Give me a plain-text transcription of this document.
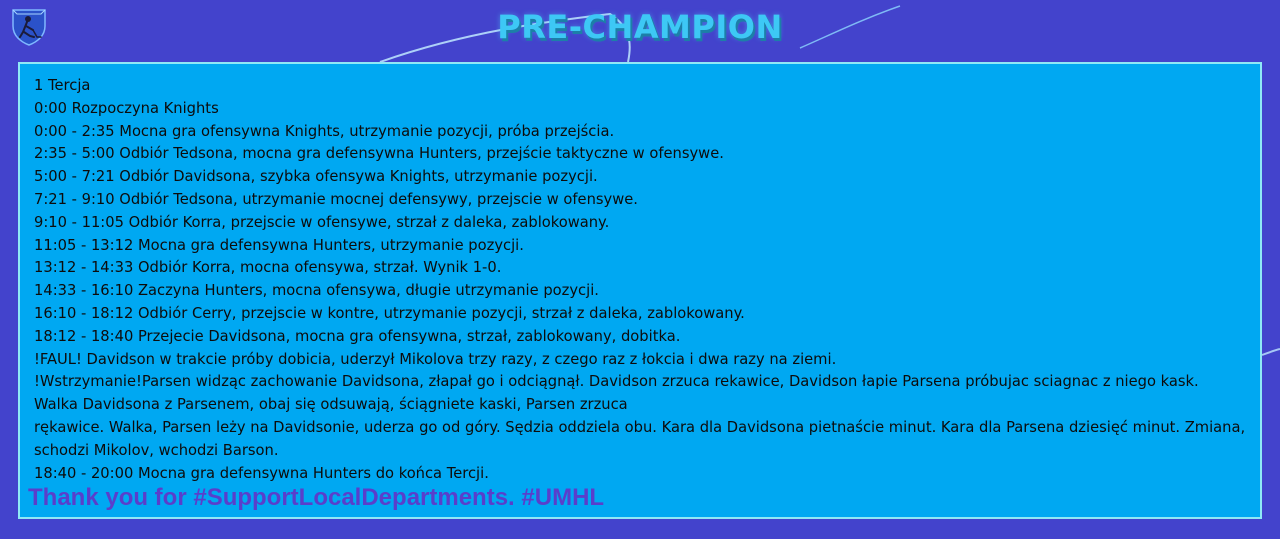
PRE-CHAMPION
1 Tercja
0:00 Rozpoczyna Knights
0:00 - 2:35 Mocna gra ofensywna Knights, utrzymanie pozycji, próba przejścia.
2:35 - 5:00 Odbiór Tedsona, mocna gra defensywna Hunters, przejście taktyczne w ofensywe.
5:00 - 7:21 Odbiór Davidsona, szybka ofensywa Knights, utrzymanie pozycji.
7:21 - 9:10 Odbiór Tedsona, utrzymanie mocnej defensywy, przejscie w ofensywe.
9:10 - 11:05 Odbiór Korra, przejscie w ofensywe, strzał z daleka, zablokowany.
11:05 - 13:12 Mocna gra defensywna Hunters, utrzymanie pozycji.
13:12 - 14:33 Odbiór Korra, mocna ofensywa, strzał. Wynik 1-0.
14:33 - 16:10 Zaczyna Hunters, mocna ofensywa, długie utrzymanie pozycji.
16:10 - 18:12 Odbiór Cerry, przejscie w kontre, utrzymanie pozycji, strzał z daleka, zablokowany.
18:12 - 18:40 Przejecie Davidsona, mocna gra ofensywna, strzał, zablokowany, dobitka.
!FAUL! Davidson w trakcie próby dobicia, uderzył Mikolova trzy razy, z czego raz z łokcia i dwa razy na ziemi.
!Wstrzymanie!Parsen widząc zachowanie Davidsona, złapał go i odciągnął. Davidson zrzuca rekawice, Davidson łapie Parsena próbujac sciagnac z niego kask.
Walka Davidsona z Parsenem, obaj się odsuwają, ściągniete kaski, Parsen zrzuca
rękawice. Walka, Parsen leży na Davidsonie, uderza go od góry. Sędzia oddziela obu. Kara dla Davidsona pietnaście minut. Kara dla Parsena dziesięć minut. Zmiana,
schodzi Mikolov, wchodzi Barson.
18:40 - 20:00 Mocna gra defensywna Hunters do końca Tercji.
Thank you for #SupportLocalDepartments. #UMHL
